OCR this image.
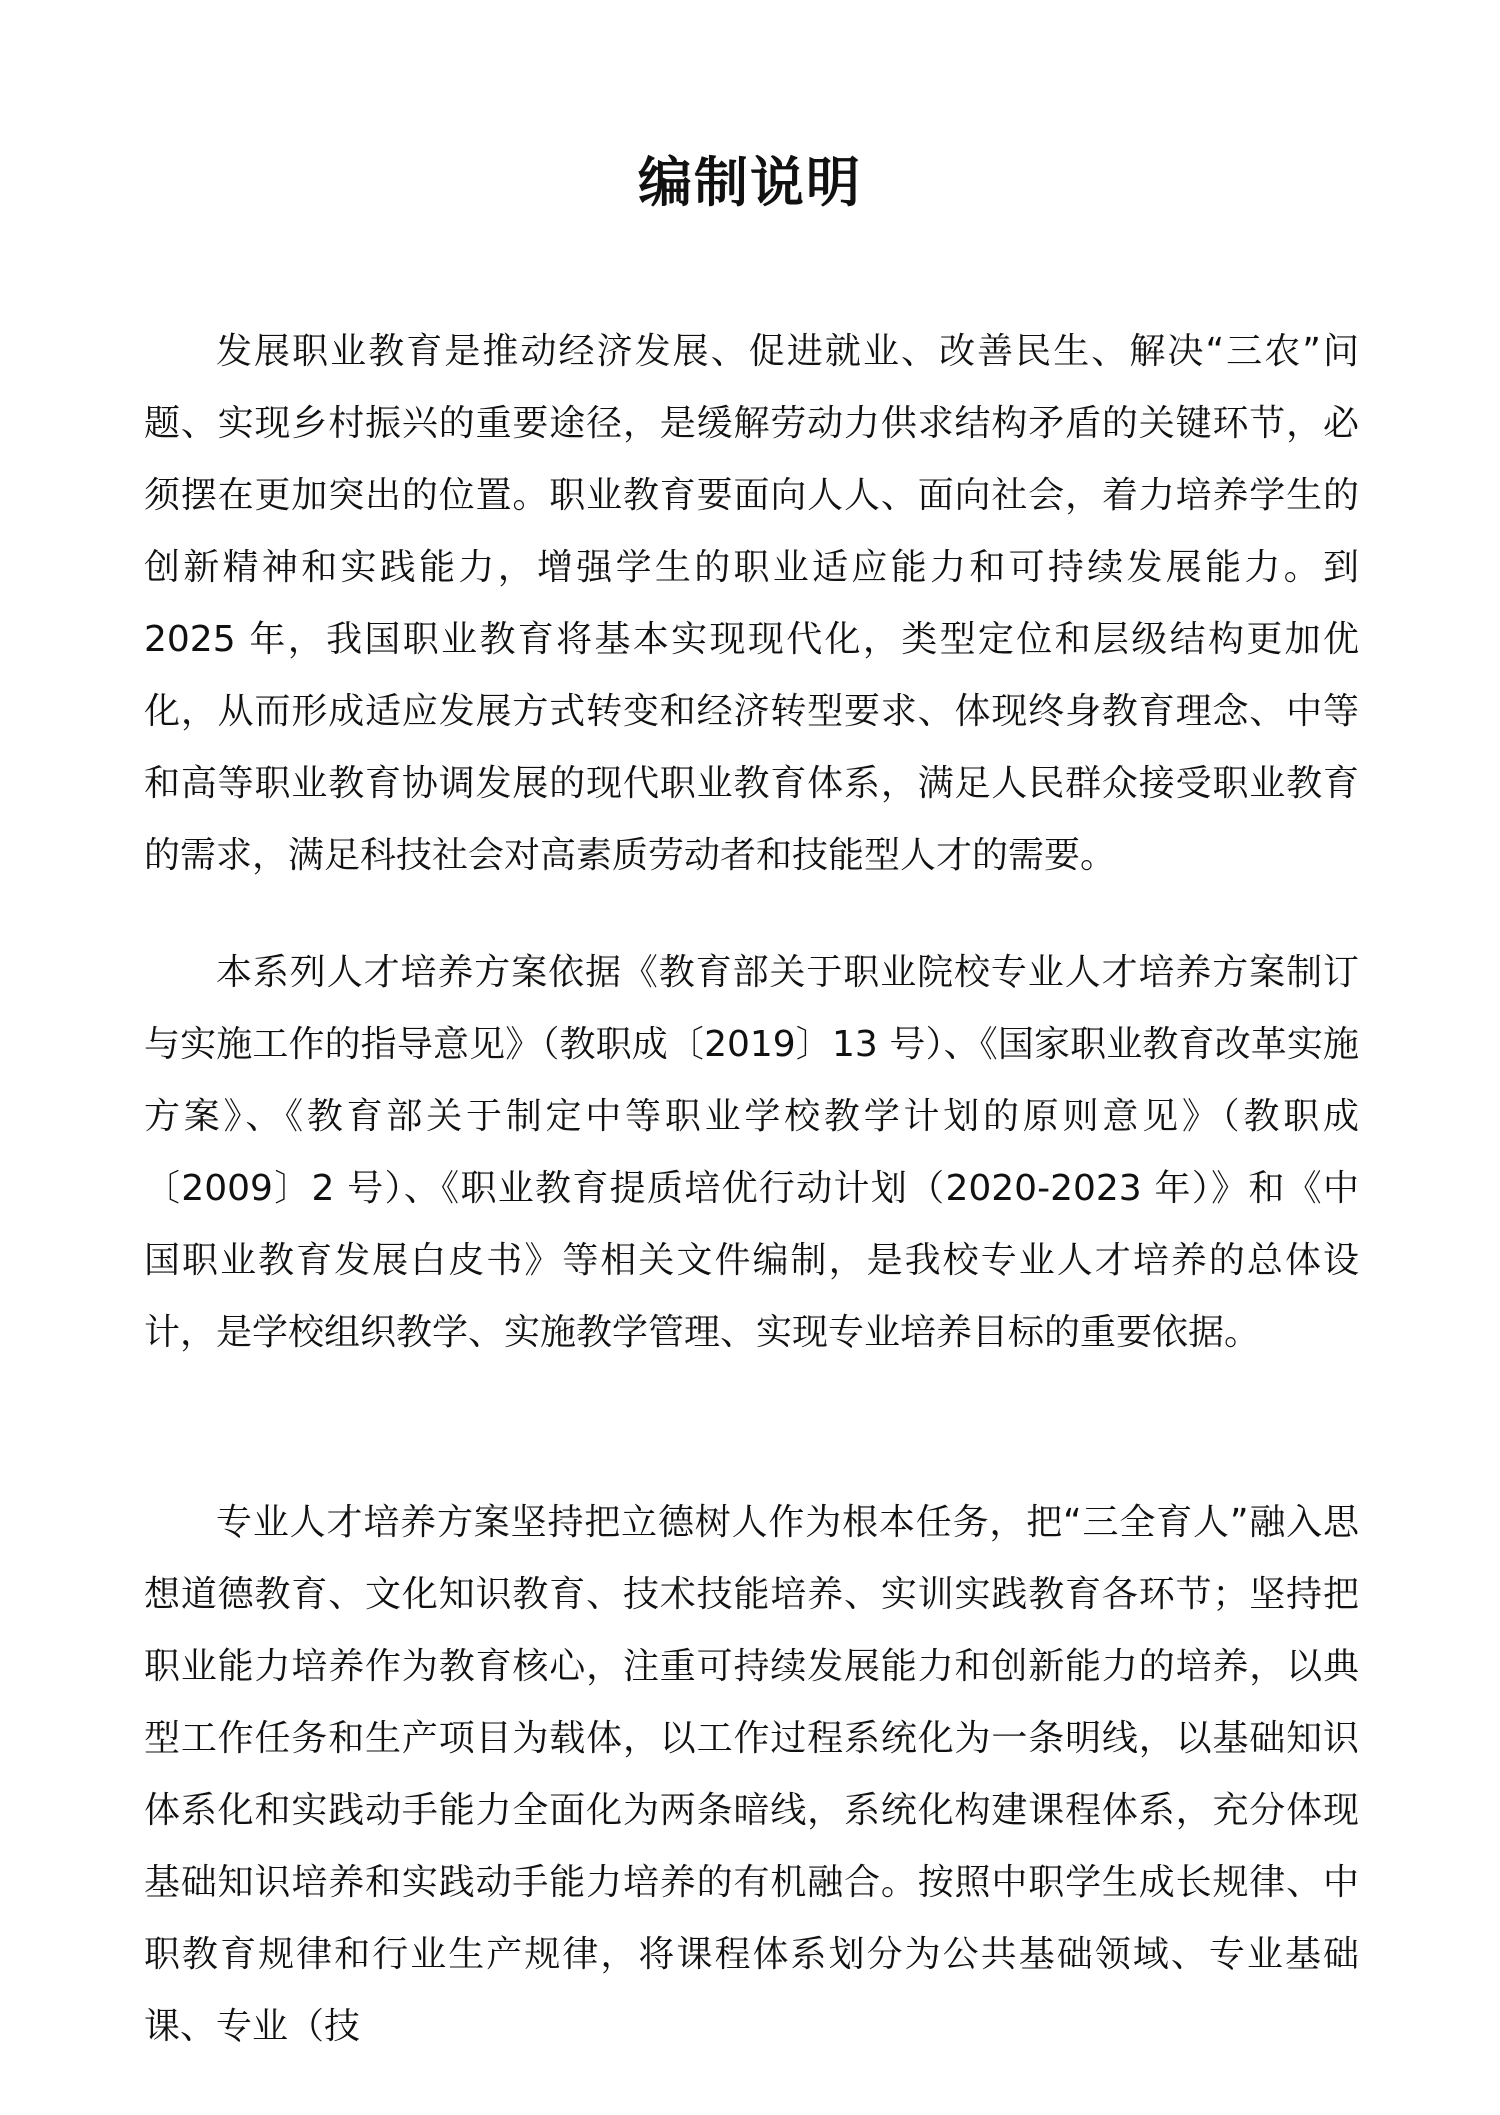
编制说明

发展职业教育是推动经济发展、促进就业、改善民生、解决“三农”问题、实现乡村振兴的重要途径，是缓解劳动力供求结构矛盾的关键环节，必须摆在更加突出的位置。职业教育要面向人人、面向社会，着力培养学生的创新精神和实践能力，增强学生的职业适应能力和可持续发展能力。到 2025 年，我国职业教育将基本实现现代化，类型定位和层级结构更加优化，从而形成适应发展方式转变和经济转型要求、体现终身教育理念、中等和高等职业教育协调发展的现代职业教育体系，满足人民群众接受职业教育的需求，满足科技社会对高素质劳动者和技能型人才的需要。

本系列人才培养方案依据《教育部关于职业院校专业人才培养方案制订与实施工作的指导意见》（教职成〔2019〕13 号）、《国家职业教育改革实施方案》、《教育部关于制定中等职业学校教学计划的原则意见》（教职成〔2009〕2 号）、《职业教育提质培优行动计划（2020-2023 年）》和《中国职业教育发展白皮书》等相关文件编制，是我校专业人才培养的总体设计，是学校组织教学、实施教学管理、实现专业培养目标的重要依据。

专业人才培养方案坚持把立德树人作为根本任务，把“三全育人”融入思想道德教育、文化知识教育、技术技能培养、实训实践教育各环节；坚持把职业能力培养作为教育核心，注重可持续发展能力和创新能力的培养，以典型工作任务和生产项目为载体，以工作过程系统化为一条明线，以基础知识体系化和实践动手能力全面化为两条暗线，系统化构建课程体系，充分体现基础知识培养和实践动手能力培养的有机融合。按照中职学生成长规律、中职教育规律和行业生产规律，将课程体系划分为公共基础领域、专业基础课、专业（技
